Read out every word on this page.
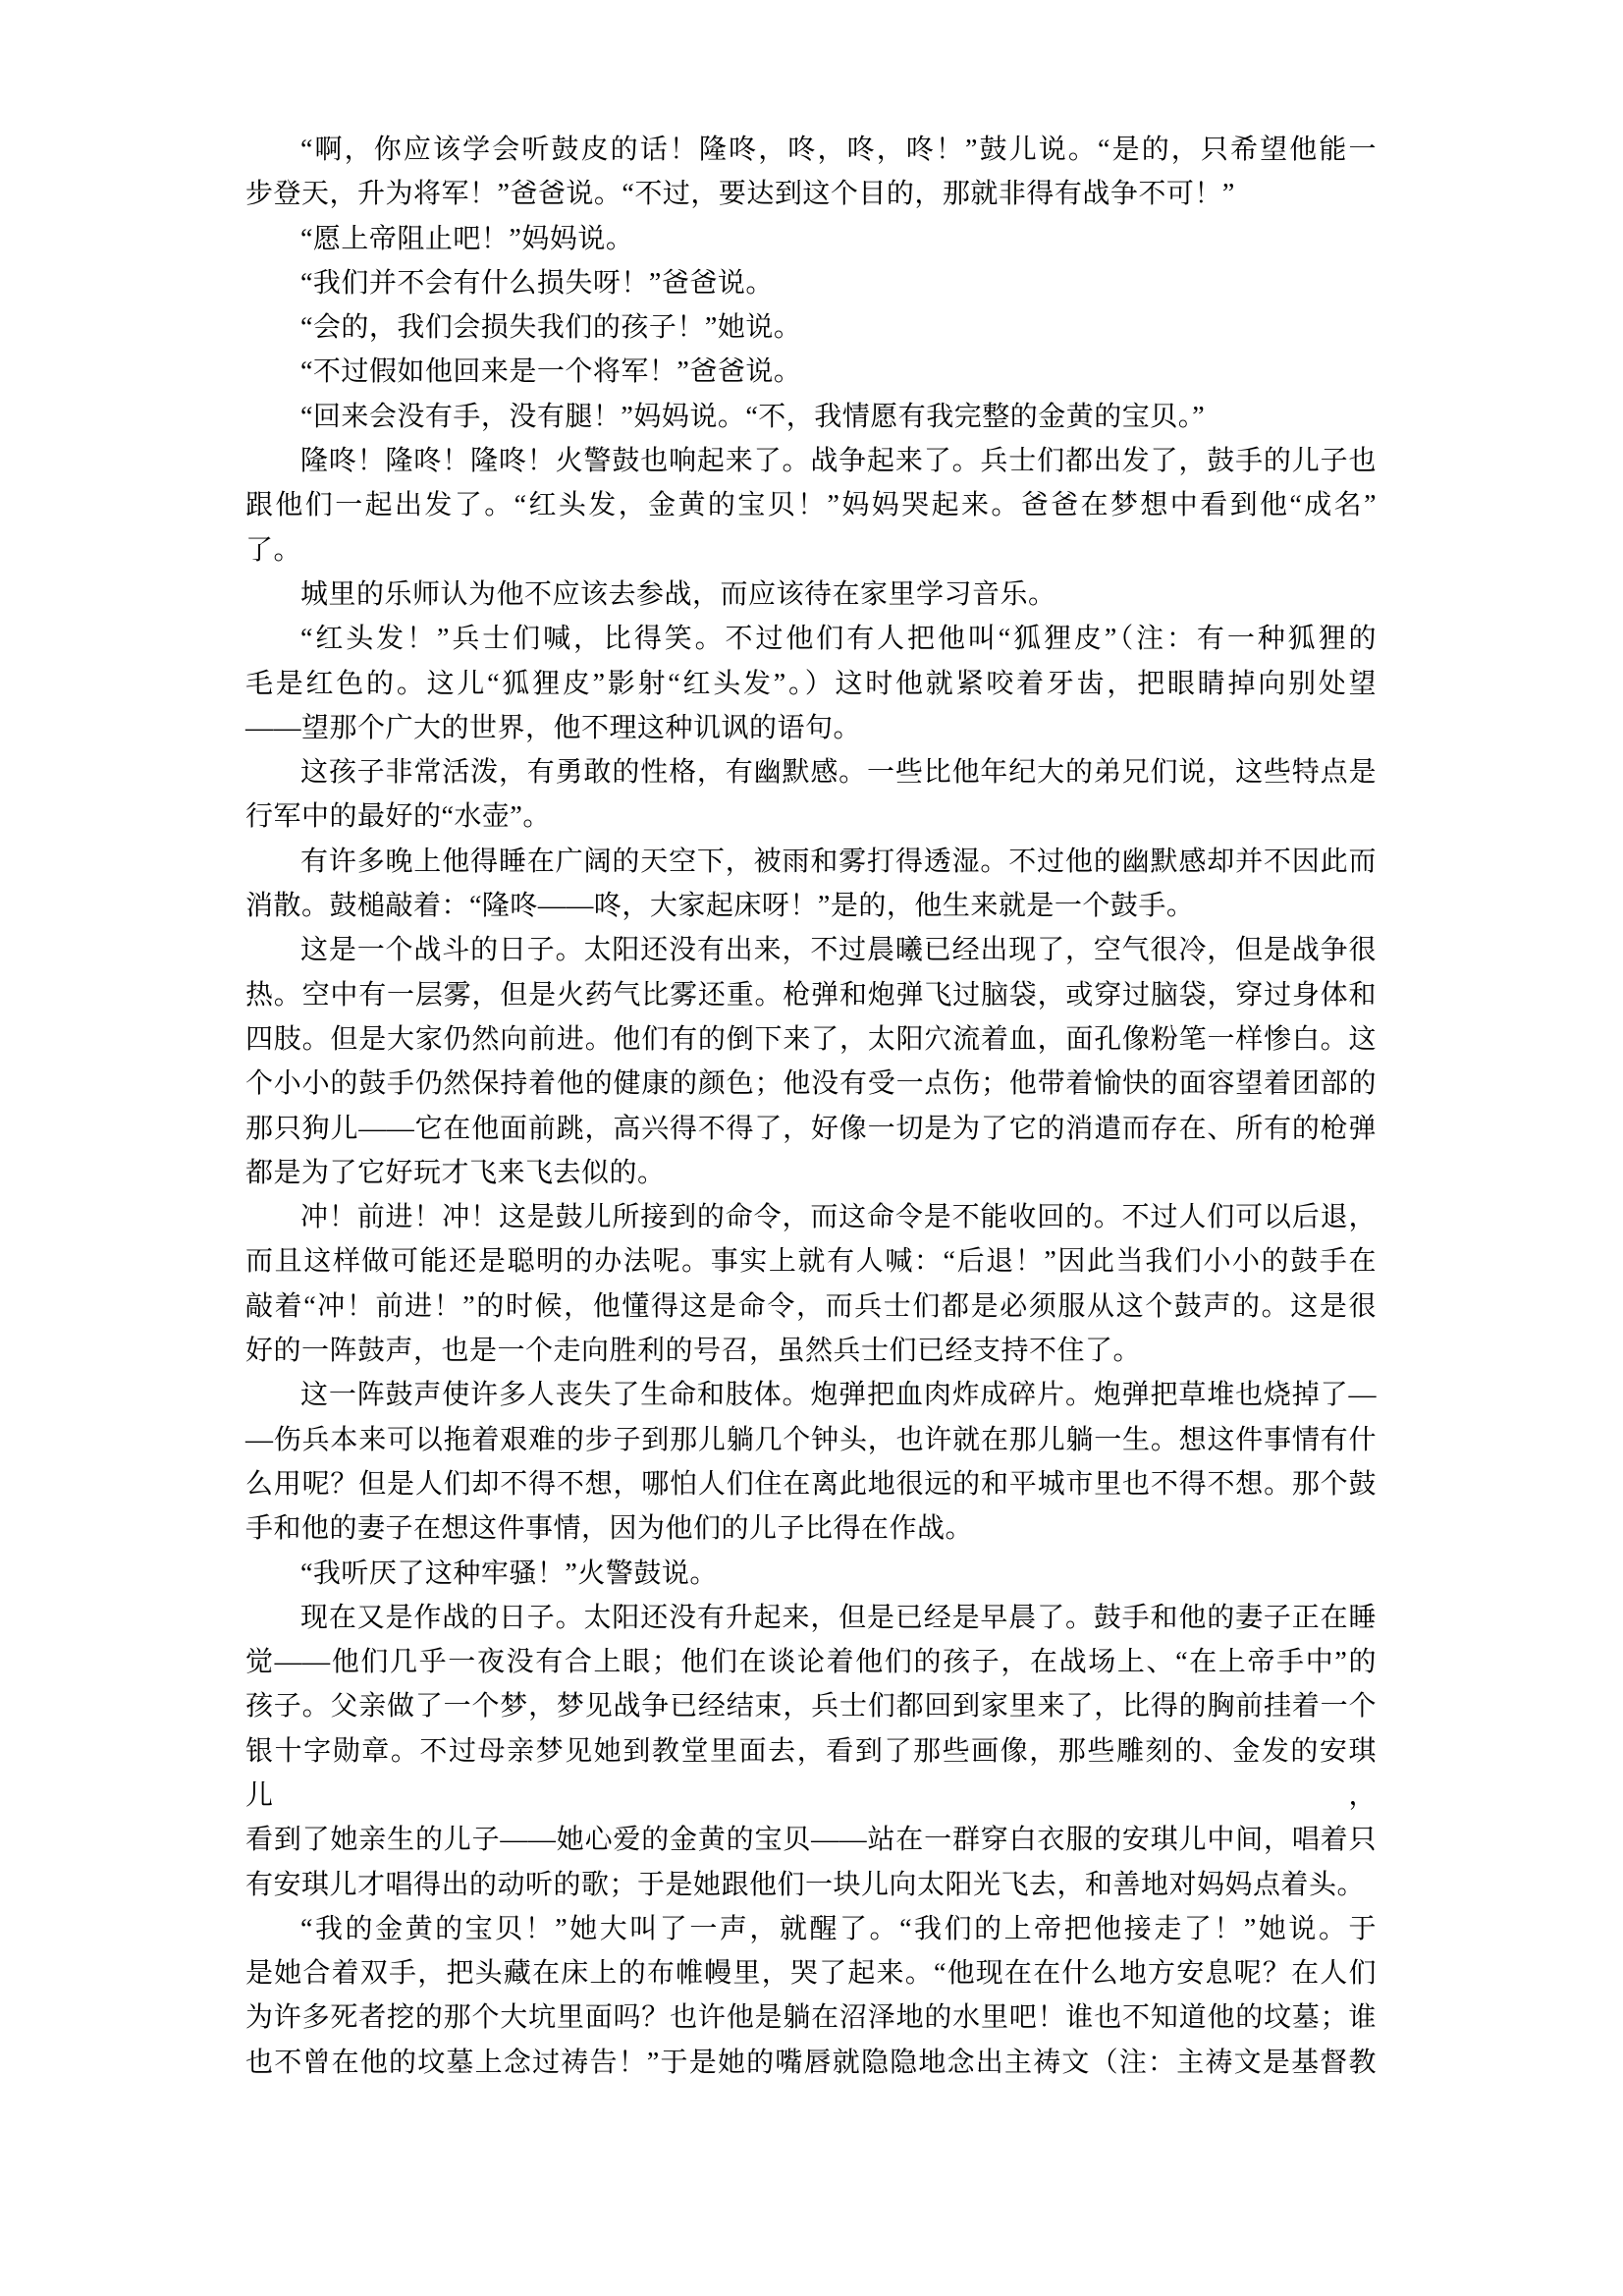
“啊，你应该学会听鼓皮的话！隆咚，咚，咚，咚！”鼓儿说。“是的，只希望他能一
步登天，升为将军！”爸爸说。“不过，要达到这个目的，那就非得有战争不可！”
“愿上帝阻止吧！”妈妈说。
“我们并不会有什么损失呀！”爸爸说。
“会的，我们会损失我们的孩子！”她说。
“不过假如他回来是一个将军！”爸爸说。
“回来会没有手，没有腿！”妈妈说。“不，我情愿有我完整的金黄的宝贝。”
隆咚！隆咚！隆咚！火警鼓也响起来了。战争起来了。兵士们都出发了，鼓手的儿子也
跟他们一起出发了。“红头发，金黄的宝贝！”妈妈哭起来。爸爸在梦想中看到他“成名”
了。
城里的乐师认为他不应该去参战，而应该待在家里学习音乐。
“红头发！”兵士们喊，比得笑。不过他们有人把他叫“狐狸皮”（注：有一种狐狸的
毛是红色的。这儿“狐狸皮”影射“红头发”。）这时他就紧咬着牙齿，把眼睛掉向别处望
——望那个广大的世界，他不理这种讥讽的语句。
这孩子非常活泼，有勇敢的性格，有幽默感。一些比他年纪大的弟兄们说，这些特点是
行军中的最好的“水壶”。
有许多晚上他得睡在广阔的天空下，被雨和雾打得透湿。不过他的幽默感却并不因此而
消散。鼓槌敲着：“隆咚——咚，大家起床呀！”是的，他生来就是一个鼓手。
这是一个战斗的日子。太阳还没有出来，不过晨曦已经出现了，空气很冷，但是战争很
热。空中有一层雾，但是火药气比雾还重。枪弹和炮弹飞过脑袋，或穿过脑袋，穿过身体和
四肢。但是大家仍然向前进。他们有的倒下来了，太阳穴流着血，面孔像粉笔一样惨白。这
个小小的鼓手仍然保持着他的健康的颜色；他没有受一点伤；他带着愉快的面容望着团部的
那只狗儿——它在他面前跳，高兴得不得了，好像一切是为了它的消遣而存在、所有的枪弹
都是为了它好玩才飞来飞去似的。
冲！前进！冲！这是鼓儿所接到的命令，而这命令是不能收回的。不过人们可以后退，
而且这样做可能还是聪明的办法呢。事实上就有人喊：“后退！”因此当我们小小的鼓手在
敲着“冲！前进！”的时候，他懂得这是命令，而兵士们都是必须服从这个鼓声的。这是很
好的一阵鼓声，也是一个走向胜利的号召，虽然兵士们已经支持不住了。
这一阵鼓声使许多人丧失了生命和肢体。炮弹把血肉炸成碎片。炮弹把草堆也烧掉了—
—伤兵本来可以拖着艰难的步子到那儿躺几个钟头，也许就在那儿躺一生。想这件事情有什
么用呢？但是人们却不得不想，哪怕人们住在离此地很远的和平城市里也不得不想。那个鼓
手和他的妻子在想这件事情，因为他们的儿子比得在作战。
“我听厌了这种牢骚！”火警鼓说。
现在又是作战的日子。太阳还没有升起来，但是已经是早晨了。鼓手和他的妻子正在睡
觉——他们几乎一夜没有合上眼；他们在谈论着他们的孩子，在战场上、“在上帝手中”的
孩子。父亲做了一个梦，梦见战争已经结束，兵士们都回到家里来了，比得的胸前挂着一个
银十字勋章。不过母亲梦见她到教堂里面去，看到了那些画像，那些雕刻的、金发的安琪儿，
看到了她亲生的儿子——她心爱的金黄的宝贝——站在一群穿白衣服的安琪儿中间，唱着只
有安琪儿才唱得出的动听的歌；于是她跟他们一块儿向太阳光飞去，和善地对妈妈点着头。
“我的金黄的宝贝！”她大叫了一声，就醒了。“我们的上帝把他接走了！”她说。于
是她合着双手，把头藏在床上的布帷幔里，哭了起来。“他现在在什么地方安息呢？在人们
为许多死者挖的那个大坑里面吗？也许他是躺在沼泽地的水里吧！谁也不知道他的坟墓；谁
也不曾在他的坟墓上念过祷告！”于是她的嘴唇就隐隐地念出主祷文（注：主祷文是基督教
